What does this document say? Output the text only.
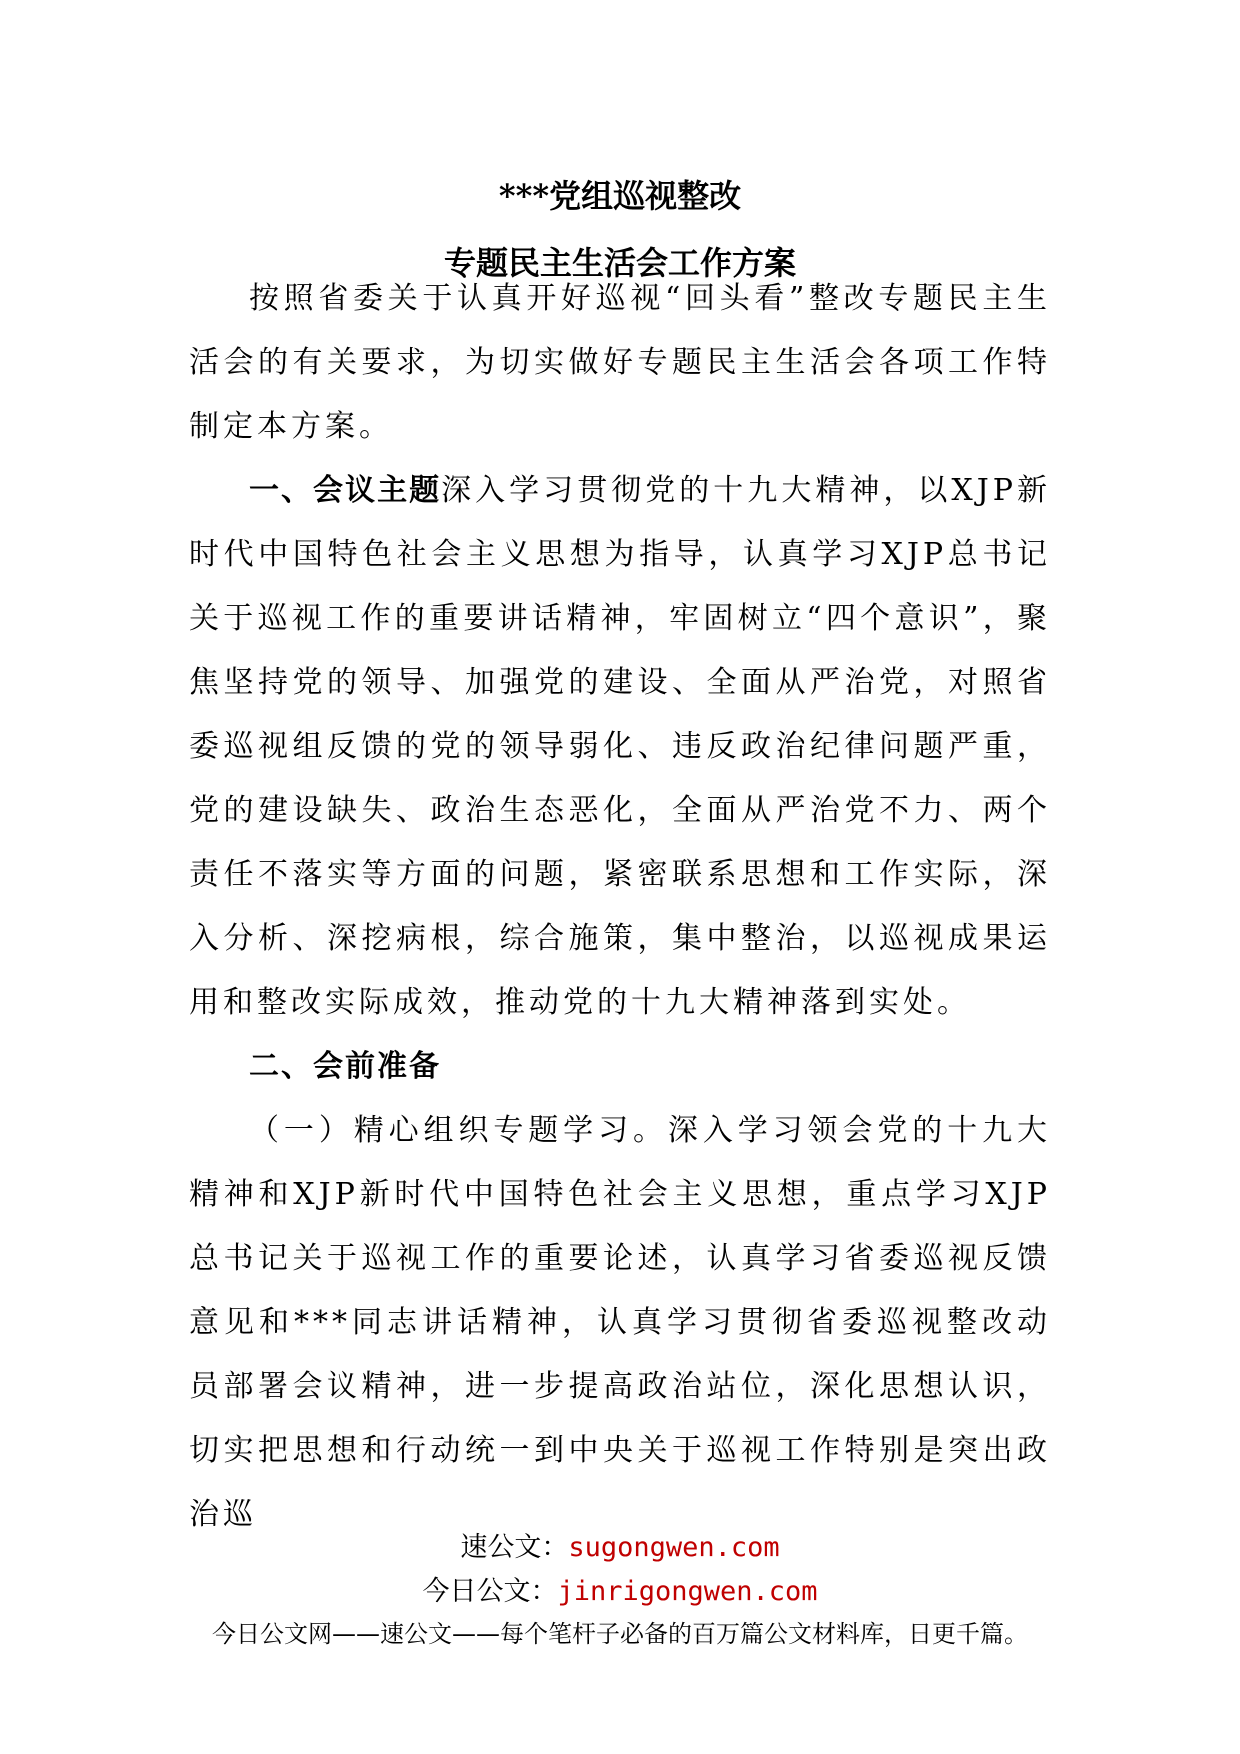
***党组巡视整改
专题民主生活会工作方案

按照省委关于认真开好巡视“回头看”整改专题民主生活会的有关要求，为切实做好专题民主生活会各项工作特制定本方案。

一、会议主题深入学习贯彻党的十九大精神，以XJP新时代中国特色社会主义思想为指导，认真学习XJP总书记关于巡视工作的重要讲话精神，牢固树立“四个意识”，聚焦坚持党的领导、加强党的建设、全面从严治党，对照省委巡视组反馈的党的领导弱化、违反政治纪律问题严重，党的建设缺失、政治生态恶化，全面从严治党不力、两个责任不落实等方面的问题，紧密联系思想和工作实际，深入分析、深挖病根，综合施策，集中整治，以巡视成果运用和整改实际成效，推动党的十九大精神落到实处。

二、会前准备

（一）精心组织专题学习。深入学习领会党的十九大精神和XJP新时代中国特色社会主义思想，重点学习XJP总书记关于巡视工作的重要论述，认真学习省委巡视反馈意见和***同志讲话精神，认真学习贯彻省委巡视整改动员部署会议精神，进一步提高政治站位，深化思想认识，切实把思想和行动统一到中央关于巡视工作特别是突出政治巡

速公文：sugongwen.com
今日公文：jinrigongwen.com
今日公文网——速公文——每个笔杆子必备的百万篇公文材料库，日更千篇。
